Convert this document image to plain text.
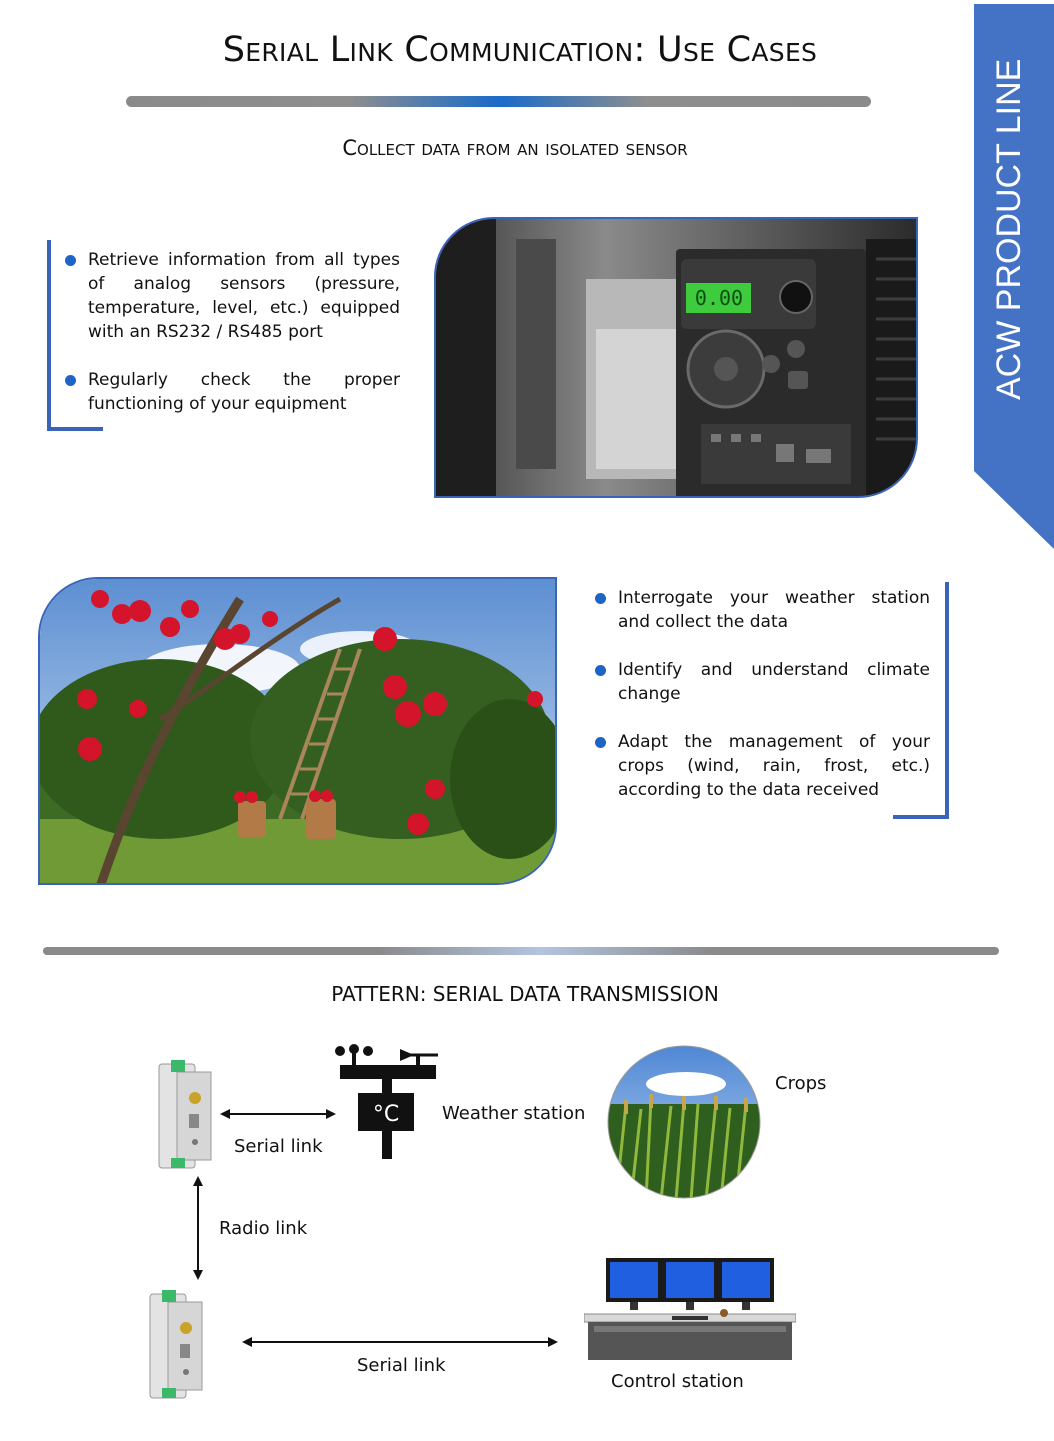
Serial Link Communication: Use Cases
Collect data from an isolated sensor	ACW PRODUCT LINE
Retrieve information from all types of analog sensors (pressure, temperature, level, etc.) equipped with an RS232 / RS485 port
Regularly check the proper functioning of your equipment
0.00
Interrogate your weather station and collect the data
Identify and understand climate change
Adapt the management of your crops (wind, rain, frost, etc.) according to the data received
PATTERN: SERIAL DATA TRANSMISSION
Serial link
°C Weather station
Crops
Radio link
Serial link
Control station
